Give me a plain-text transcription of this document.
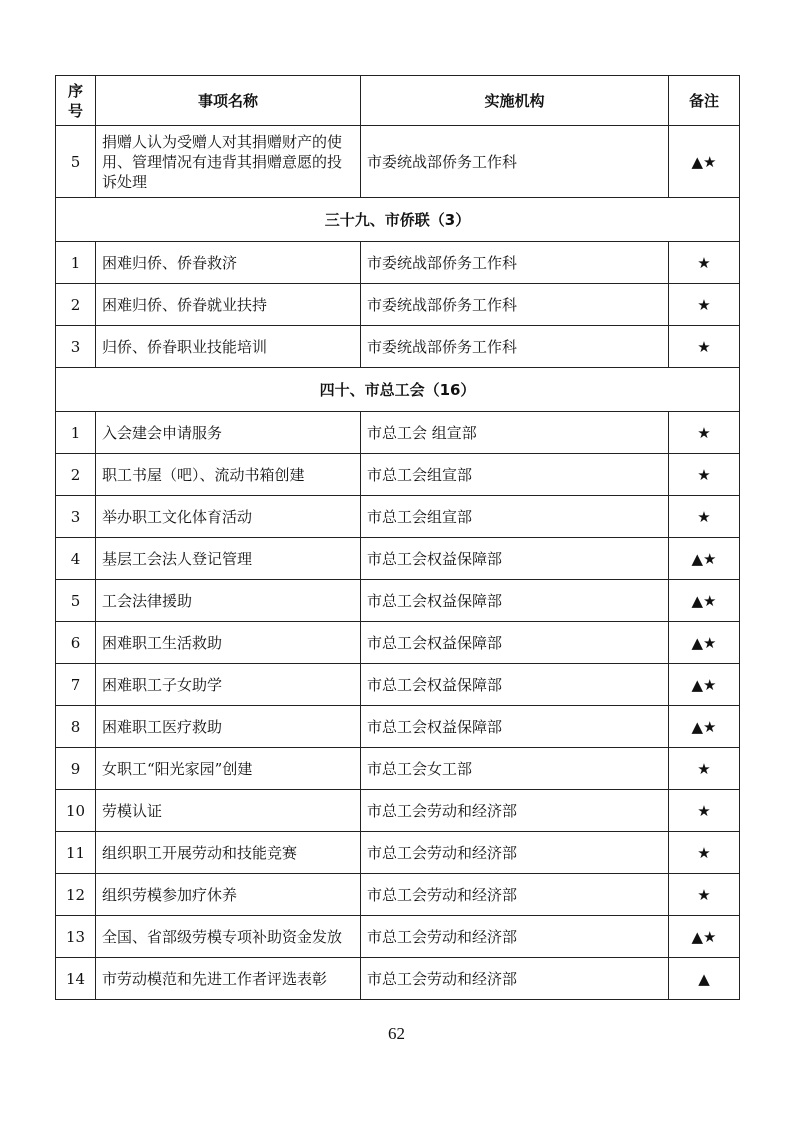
序号	事项名称	实施机构	备注
5	捐赠人认为受赠人对其捐赠财产的使用、管理情况有违背其捐赠意愿的投诉处理	市委统战部侨务工作科	▲★
三十九、市侨联（3）			
1	困难归侨、侨眷救济	市委统战部侨务工作科	★
2	困难归侨、侨眷就业扶持	市委统战部侨务工作科	★
3	归侨、侨眷职业技能培训	市委统战部侨务工作科	★
四十、市总工会（16）			
1	入会建会申请服务	市总工会 组宣部	★
2	职工书屋（吧）、流动书箱创建	市总工会组宣部	★
3	举办职工文化体育活动	市总工会组宣部	★
4	基层工会法人登记管理	市总工会权益保障部	▲★
5	工会法律援助	市总工会权益保障部	▲★
6	困难职工生活救助	市总工会权益保障部	▲★
7	困难职工子女助学	市总工会权益保障部	▲★
8	困难职工医疗救助	市总工会权益保障部	▲★
9	女职工“阳光家园”创建	市总工会女工部	★
10	劳模认证	市总工会劳动和经济部	★
11	组织职工开展劳动和技能竞赛	市总工会劳动和经济部	★
12	组织劳模参加疗休养	市总工会劳动和经济部	★
13	全国、省部级劳模专项补助资金发放	市总工会劳动和经济部	▲★
14	市劳动模范和先进工作者评选表彰	市总工会劳动和经济部	▲
62
